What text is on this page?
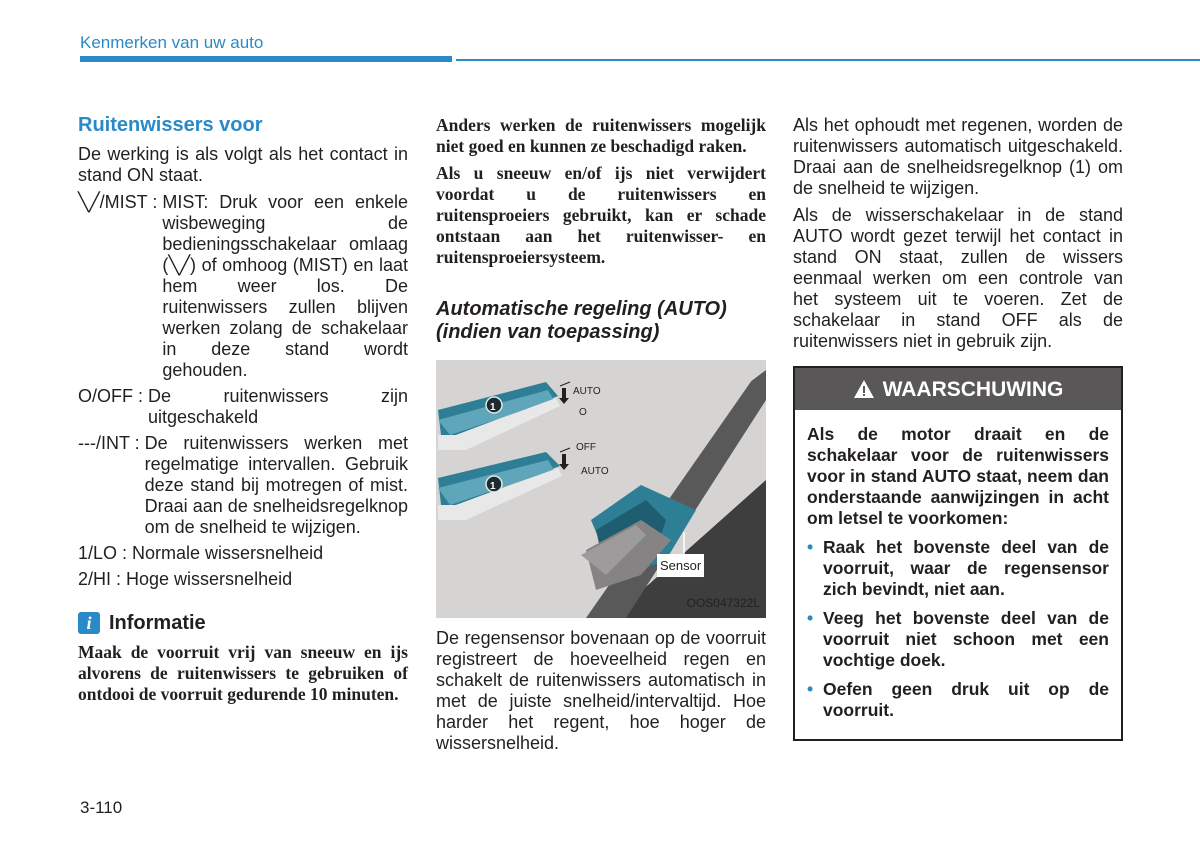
Kenmerken van uw auto
Ruitenwissers voor

De werking is als volgt als het contact in stand ON staat.

╲╱/MIST : MIST: Druk voor een enkele wisbeweging de bedieningsschakelaar omlaag (╲╱) of omhoog (MIST) en laat hem weer los. De ruitenwissers zullen blijven werken zolang de schakelaar in deze stand wordt gehouden.
O/OFF : De ruitenwissers zijn uitgeschakeld
---/INT : De ruitenwissers werken met regelmatige intervallen. Gebruik deze stand bij motregen of mist. Draai aan de snelheidsregelknop om de snelheid te wijzigen.
1/LO : Normale wissersnelheid
2/HI : Hoge wissersnelheid
i Informatie

Maak de voorruit vrij van sneeuw en ijs alvorens de ruitenwissers te gebruiken of ontdooi de voorruit gedurende 10 minuten.

Anders werken de ruitenwissers mogelijk niet goed en kunnen ze beschadigd raken.

Als u sneeuw en/of ijs niet verwijdert voordat u de ruitenwissers en ruitensproeiers gebruikt, kan er schade ontstaan aan het ruitenwisser- en ruitensproeiersysteem.

Automatische regeling (AUTO) (indien van toepassing)
AUTO
O
OFF
AUTO
1
1
Sensor
OOS047322L

De regensensor bovenaan op de voorruit registreert de hoeveelheid regen en schakelt de ruitenwissers automatisch in met de juiste snelheid/intervaltijd. Hoe harder het regent, hoe hoger de wissersnelheid.

Als het ophoudt met regenen, worden de ruitenwissers automatisch uitgeschakeld. Draai aan de snelheidsregelknop (1) om de snelheid te wijzigen.

Als de wisserschakelaar in de stand AUTO wordt gezet terwijl het contact in stand ON staat, zullen de wissers eenmaal werken om een controle van het systeem uit te voeren. Zet de schakelaar in stand OFF als de ruitenwissers niet in gebruik zijn.

WAARSCHUWING

Als de motor draait en de schakelaar voor de ruitenwissers voor in stand AUTO staat, neem dan onderstaande aanwijzingen in acht om letsel te voorkomen:

• Raak het bovenste deel van de voorruit, waar de regensensor zich bevindt, niet aan.
• Veeg het bovenste deel van de voorruit niet schoon met een vochtige doek.
• Oefen geen druk uit op de voorruit.
3-110
